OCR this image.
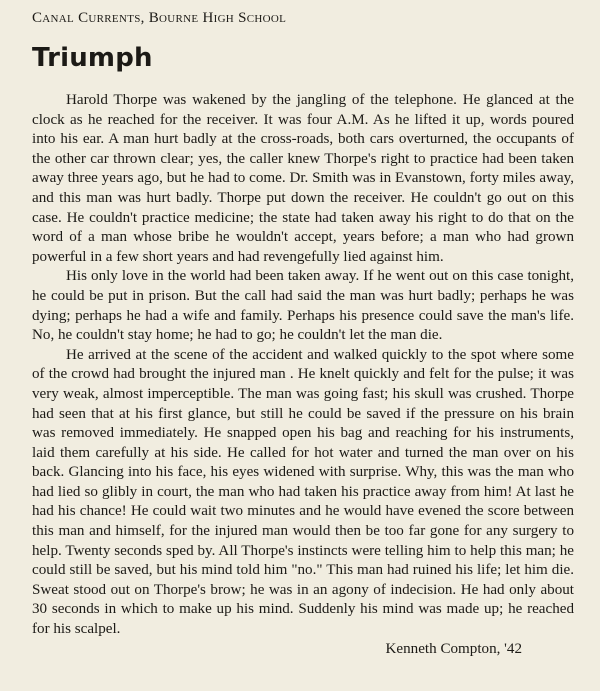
Canal Currents, Bourne High School
Triumph

Harold Thorpe was wakened by the jangling of the telephone. He glanced at the clock as he reached for the receiver. It was four A.M. As he lifted it up, words poured into his ear. A man hurt badly at the cross-roads, both cars overturned, the occupants of the other car thrown clear; yes, the caller knew Thorpe's right to practice had been taken away three years ago, but he had to come. Dr. Smith was in Evanstown, forty miles away, and this man was hurt badly. Thorpe put down the receiver. He couldn't go out on this case. He couldn't practice medicine; the state had taken away his right to do that on the word of a man whose bribe he wouldn't accept, years before; a man who had grown powerful in a few short years and had revengefully lied against him.

His only love in the world had been taken away. If he went out on this case tonight, he could be put in prison. But the call had said the man was hurt badly; perhaps he was dying; perhaps he had a wife and family. Perhaps his presence could save the man's life. No, he couldn't stay home; he had to go; he couldn't let the man die.

He arrived at the scene of the accident and walked quickly to the spot where some of the crowd had brought the injured man . He knelt quickly and felt for the pulse; it was very weak, almost imperceptible. The man was going fast; his skull was crushed. Thorpe had seen that at his first glance, but still he could be saved if the pressure on his brain was removed immediately. He snapped open his bag and reaching for his instruments, laid them carefully at his side. He called for hot water and turned the man over on his back. Glancing into his face, his eyes widened with surprise. Why, this was the man who had lied so glibly in court, the man who had taken his practice away from him! At last he had his chance! He could wait two minutes and he would have evened the score between this man and himself, for the injured man would then be too far gone for any surgery to help. Twenty seconds sped by. All Thorpe's instincts were telling him to help this man; he could still be saved, but his mind told him "no." This man had ruined his life; let him die. Sweat stood out on Thorpe's brow; he was in an agony of indecision. He had only about 30 seconds in which to make up his mind. Suddenly his mind was made up; he reached for his scalpel.

Kenneth Compton, '42
